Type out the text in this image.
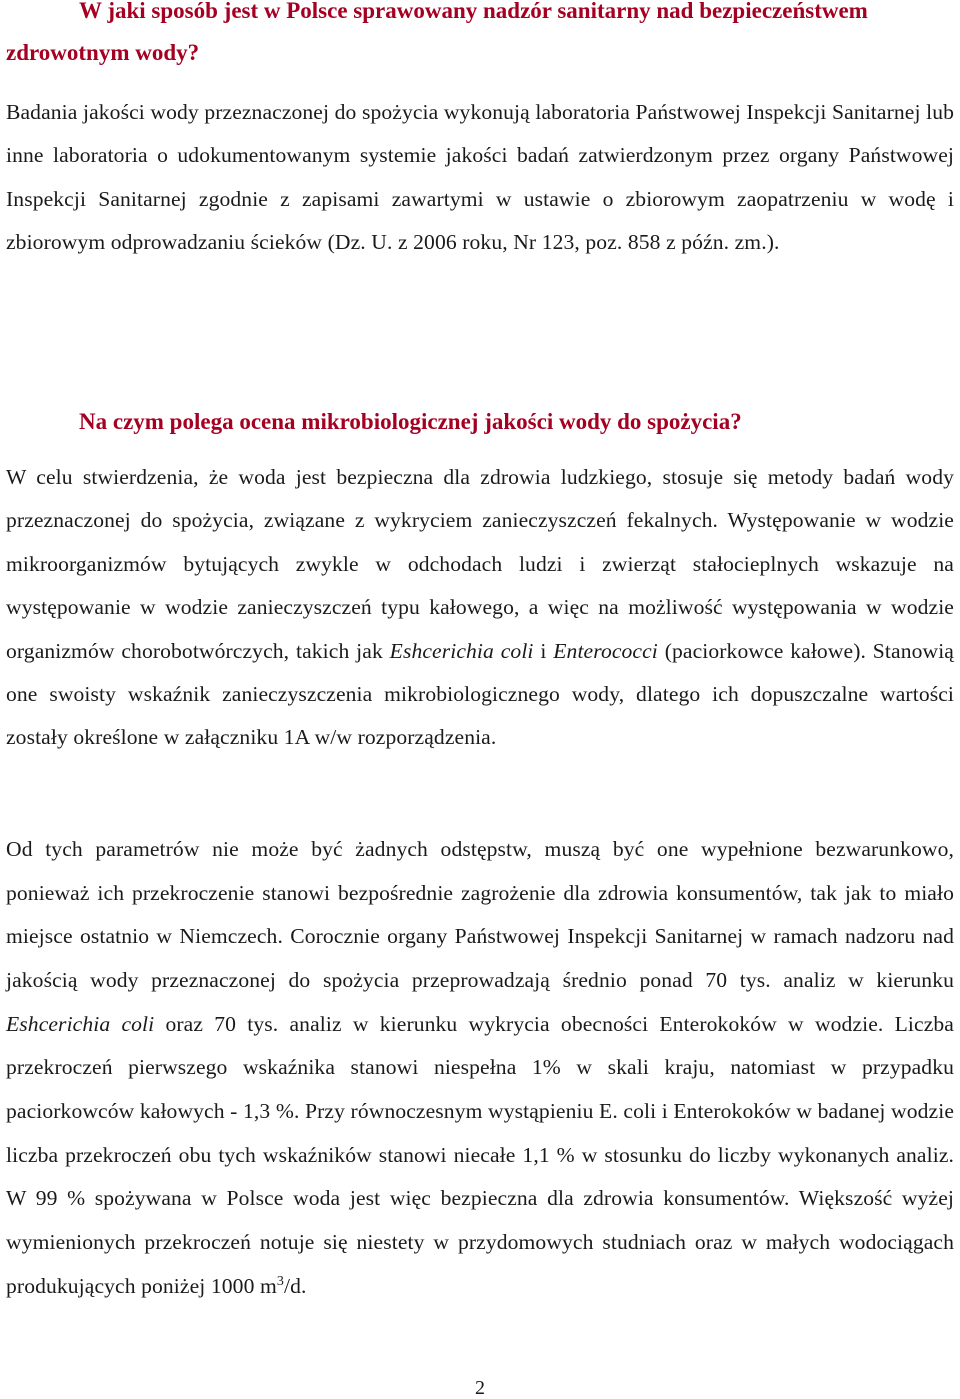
W jaki sposób jest w Polsce sprawowany nadzór sanitarny nad bezpieczeństwem zdrowotnym wody?

Badania jakości wody przeznaczonej do spożycia wykonują laboratoria Państwowej Inspekcji Sanitarnej lub inne laboratoria o udokumentowanym systemie jakości badań zatwierdzonym przez organy Państwowej Inspekcji Sanitarnej zgodnie z zapisami zawartymi w ustawie o zbiorowym zaopatrzeniu w wodę i zbiorowym odprowadzaniu ścieków (Dz. U. z 2006 roku, Nr 123, poz. 858 z późn. zm.).

Na czym polega ocena mikrobiologicznej jakości wody do spożycia?

W celu stwierdzenia, że woda jest bezpieczna dla zdrowia ludzkiego, stosuje się metody badań wody przeznaczonej do spożycia, związane z wykryciem zanieczyszczeń fekalnych. Występowanie w wodzie mikroorganizmów bytujących zwykle w odchodach ludzi i zwierząt stałocieplnych wskazuje na występowanie w wodzie zanieczyszczeń typu kałowego, a więc na możliwość występowania w wodzie organizmów chorobotwórczych, takich jak Eshcerichia coli i Enterococci (paciorkowce kałowe). Stanowią one swoisty wskaźnik zanieczyszczenia mikrobiologicznego wody, dlatego ich dopuszczalne wartości zostały określone w załączniku 1A w/w rozporządzenia.

Od tych parametrów nie może być żadnych odstępstw, muszą być one wypełnione bezwarunkowo, ponieważ ich przekroczenie stanowi bezpośrednie zagrożenie dla zdrowia konsumentów, tak jak to miało miejsce ostatnio w Niemczech. Corocznie organy Państwowej Inspekcji Sanitarnej w ramach nadzoru nad jakością wody przeznaczonej do spożycia przeprowadzają średnio ponad 70 tys. analiz w kierunku Eshcerichia coli oraz 70 tys. analiz w kierunku wykrycia obecności Enterokoków w wodzie. Liczba przekroczeń pierwszego wskaźnika stanowi niespełna 1% w skali kraju, natomiast w przypadku paciorkowców kałowych - 1,3 %. Przy równoczesnym wystąpieniu E. coli i Enterokoków w badanej wodzie liczba przekroczeń obu tych wskaźników stanowi niecałe 1,1 % w stosunku do liczby wykonanych analiz. W 99 % spożywana w Polsce woda jest więc bezpieczna dla zdrowia konsumentów. Większość wyżej wymienionych przekroczeń notuje się niestety w przydomowych studniach oraz w małych wodociągach produkujących poniżej 1000 $m^3/d$.

2
